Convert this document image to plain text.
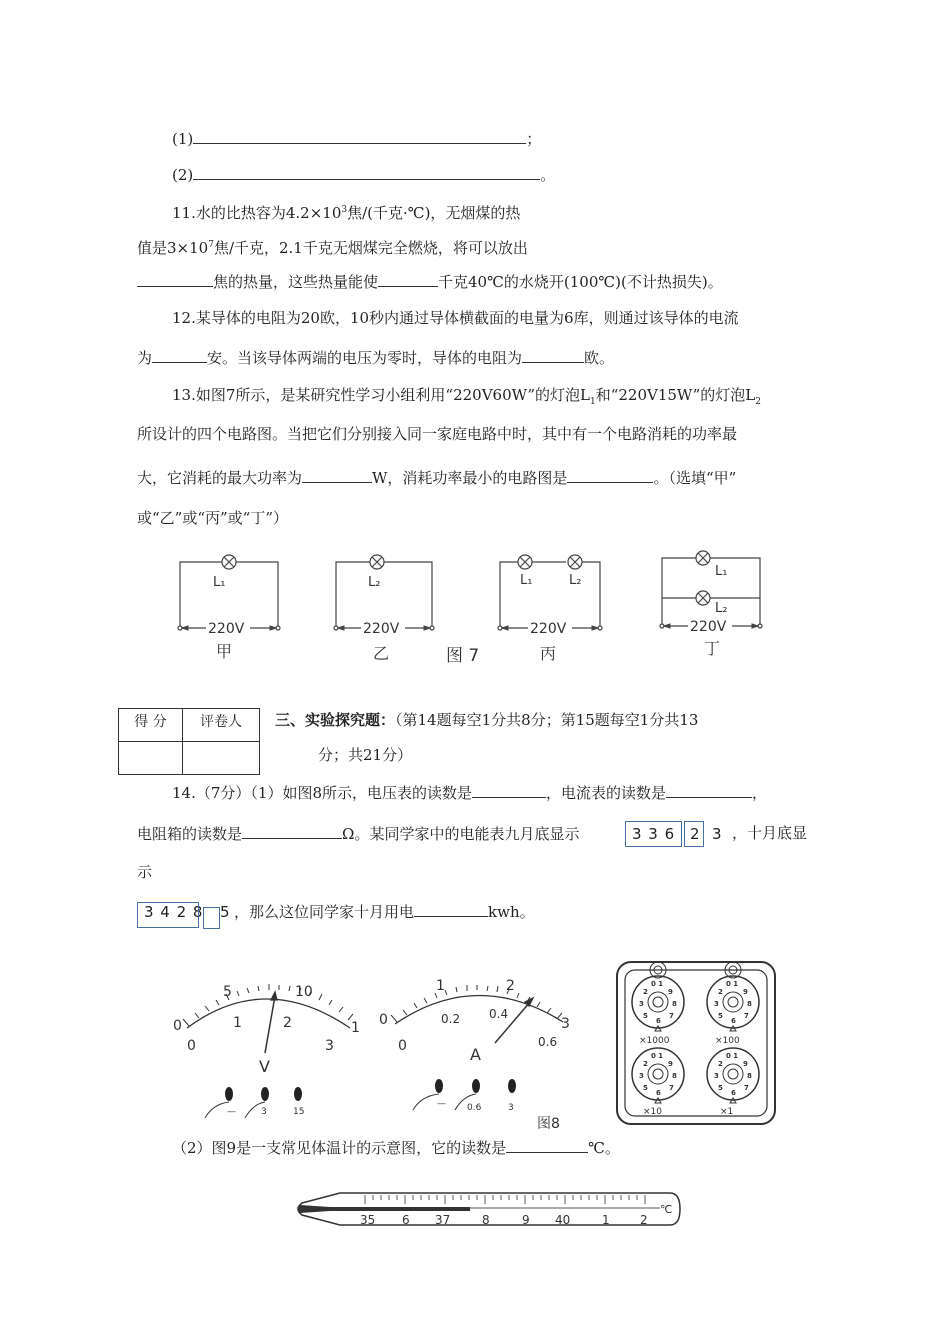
(1)	；
(2)	。
11.水的比热容为$4.2\times 10^3$焦/(千克·℃)，无烟煤的热
值是$3\times 10^7$焦/千克，2.1千克无烟煤完全燃烧，将可以放出
焦的热量，这些热量能使	千克40℃的水烧开(100℃)(不计热损失)。
12.某导体的电阻为20欧，10秒内通过导体横截面的电量为6库，则通过该导体的电流
为	安。当该导体两端的电压为零时，导体的电阻为	欧。
13.如图7所示，是某研究性学习小组利用“220V60W”的灯泡$L_1$和“220V15W”的灯泡$L_2$
所设计的四个电路图。当把它们分别接入同一家庭电路中时，其中有一个电路消耗的功率最
大，它消耗的最大功率为	W，消耗功率最小的电路图是	。（选填“甲”
或“乙”或“丙”或“丁”）
L₁	L₂	L₁	L₂
L₁
L₂
220V	220V	220V	220V
甲	乙	丙	丁
图 7
得 分	评卷人
	三、实验探究题：（第14题每空1分共8分；第15题每空1分共13
分；共21分）
14.（7分）（1）如图8所示，电压表的读数是	，电流表的读数是	，
电阻箱的读数是	Ω。某同学家中的电能表九月底显示	3 3 6 2 3 ，十月底显
示
3 4 2 8 5 ，那么这位同学家十月用电	kwh。
0
5	10
0
1	2
3
1
V
—	3	15
0
1	2
3
0
0.2 0.4
0.6
A
— 0.6	3
图8
0 1
9
8
7
6
5
3
2
0 1
9
8
7
6
5
3
2
0 1
9
8
7
6
5
3
2
0 1
9
8
7
6
5
3
2
×1000	×100
×10	×1
（2）图9是一支常见体温计的示意图，它的读数是	℃。
35 6 37	8	9 40	1	2
℃
